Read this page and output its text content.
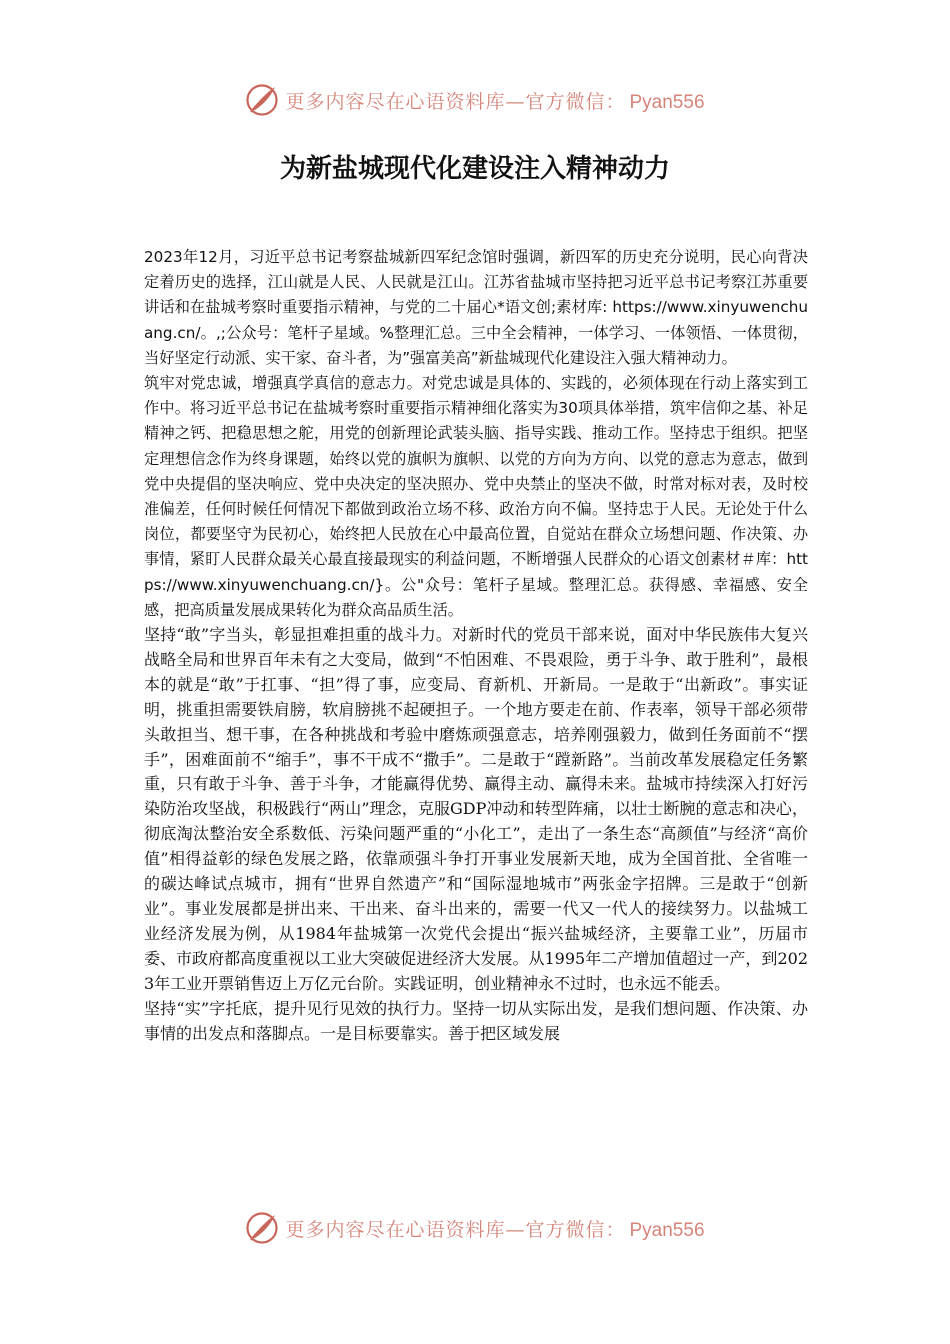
更多内容尽在心语资料库—官方微信： Pyan556
为新盐城现代化建设注入精神动力

2023年12月，习近平总书记考察盐城新四军纪念馆时强调，新四军的历史充分说明，民心向背决定着历史的选择，江山就是人民、人民就是江山。江苏省盐城市坚持把习近平总书记考察江苏重要讲话和在盐城考察时重要指示精神，与党的二十届心*语文创;素材库: https://www.xinyuwenchuang.cn/。,;公众号：笔杆子星域。%整理汇总。三中全会精神，一体学习、一体领悟、一体贯彻，当好坚定行动派、实干家、奋斗者，为”强富美高”新盐城现代化建设注入强大精神动力。

筑牢对党忠诚，增强真学真信的意志力。对党忠诚是具体的、实践的，必须体现在行动上落实到工作中。将习近平总书记在盐城考察时重要指示精神细化落实为30项具体举措，筑牢信仰之基、补足精神之钙、把稳思想之舵，用党的创新理论武装头脑、指导实践、推动工作。坚持忠于组织。把坚定理想信念作为终身课题，始终以党的旗帜为旗帜、以党的方向为方向、以党的意志为意志，做到党中央提倡的坚决响应、党中央决定的坚决照办、党中央禁止的坚决不做，时常对标对表，及时校准偏差，任何时候任何情况下都做到政治立场不移、政治方向不偏。坚持忠于人民。无论处于什么岗位，都要坚守为民初心，始终把人民放在心中最高位置，自觉站在群众立场想问题、作决策、办事情，紧盯人民群众最关心最直接最现实的利益问题，不断增强人民群众的心语文创素材＃库：https://www.xinyuwenchuang.cn/}。公"众号：笔杆子星域。整理汇总。获得感、幸福感、安全感，把高质量发展成果转化为群众高品质生活。

坚持“敢”字当头，彰显担难担重的战斗力。对新时代的党员干部来说，面对中华民族伟大复兴战略全局和世界百年未有之大变局，做到“不怕困难、不畏艰险，勇于斗争、敢于胜利”，最根本的就是“敢”于扛事、“担”得了事，应变局、育新机、开新局。一是敢于“出新政”。事实证明，挑重担需要铁肩膀，软肩膀挑不起硬担子。一个地方要走在前、作表率，领导干部必须带头敢担当、想干事，在各种挑战和考验中磨炼顽强意志，培养刚强毅力，做到任务面前不“摆手”，困难面前不“缩手”，事不干成不“撒手”。二是敢于“蹚新路”。当前改革发展稳定任务繁重，只有敢于斗争、善于斗争，才能赢得优势、赢得主动、赢得未来。盐城市持续深入打好污染防治攻坚战，积极践行“两山”理念，克服GDP冲动和转型阵痛，以壮士断腕的意志和决心，彻底淘汰整治安全系数低、污染问题严重的“小化工”，走出了一条生态“高颜值”与经济“高价值”相得益彰的绿色发展之路，依靠顽强斗争打开事业发展新天地，成为全国首批、全省唯一的碳达峰试点城市，拥有“世界自然遗产”和“国际湿地城市”两张金字招牌。三是敢于“创新业”。事业发展都是拼出来、干出来、奋斗出来的，需要一代又一代人的接续努力。以盐城工业经济发展为例，从1984年盐城第一次党代会提出“振兴盐城经济，主要靠工业”，历届市委、市政府都高度重视以工业大突破促进经济大发展。从1995年二产增加值超过一产，到2023年工业开票销售迈上万亿元台阶。实践证明，创业精神永不过时，也永远不能丢。

坚持“实”字托底，提升见行见效的执行力。坚持一切从实际出发，是我们想问题、作决策、办事情的出发点和落脚点。一是目标要靠实。善于把区域发展

更多内容尽在心语资料库—官方微信： Pyan556
